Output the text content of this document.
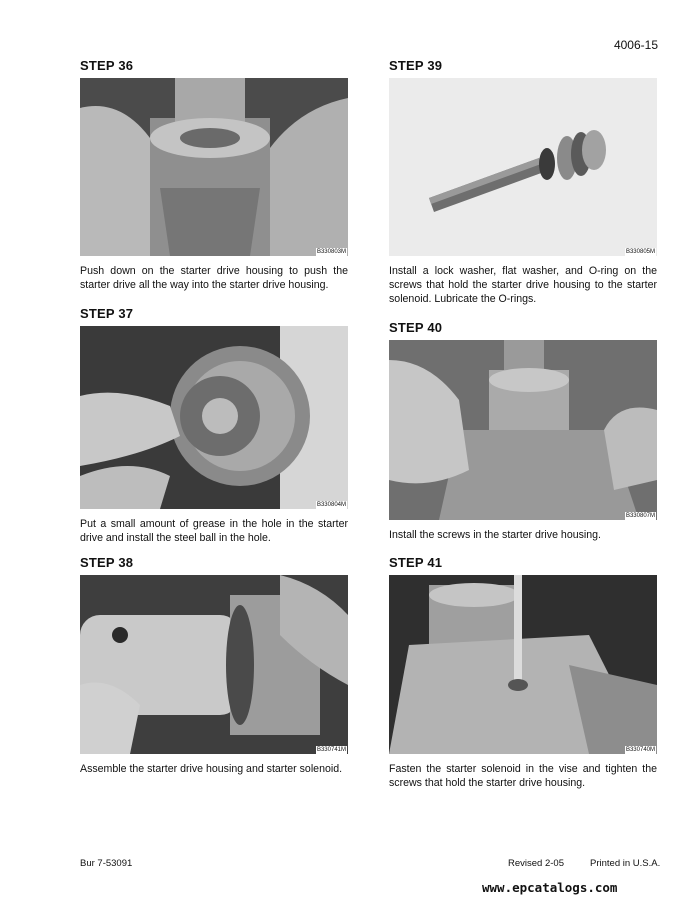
4006-15
STEP 36
B330803M
Push down on the starter drive housing to push the starter drive all the way into the starter drive housing.
STEP 37
B330804M
Put a small amount of grease in the hole in the starter drive and install the steel ball in the hole.
STEP 38
B330741M
Assemble the starter drive housing and starter solenoid.
STEP 39
B330805M
Install a lock washer, flat washer, and O-ring on the screws that hold the starter drive housing to the starter solenoid. Lubricate the O-rings.
STEP 40
B330807M
Install the screws in the starter drive housing.
STEP 41
B330740M
Fasten the starter solenoid in the vise and tighten the screws that hold the starter drive housing.
Bur 7-53091	Revised 2-05	Printed in U.S.A.
www.epcatalogs.com
